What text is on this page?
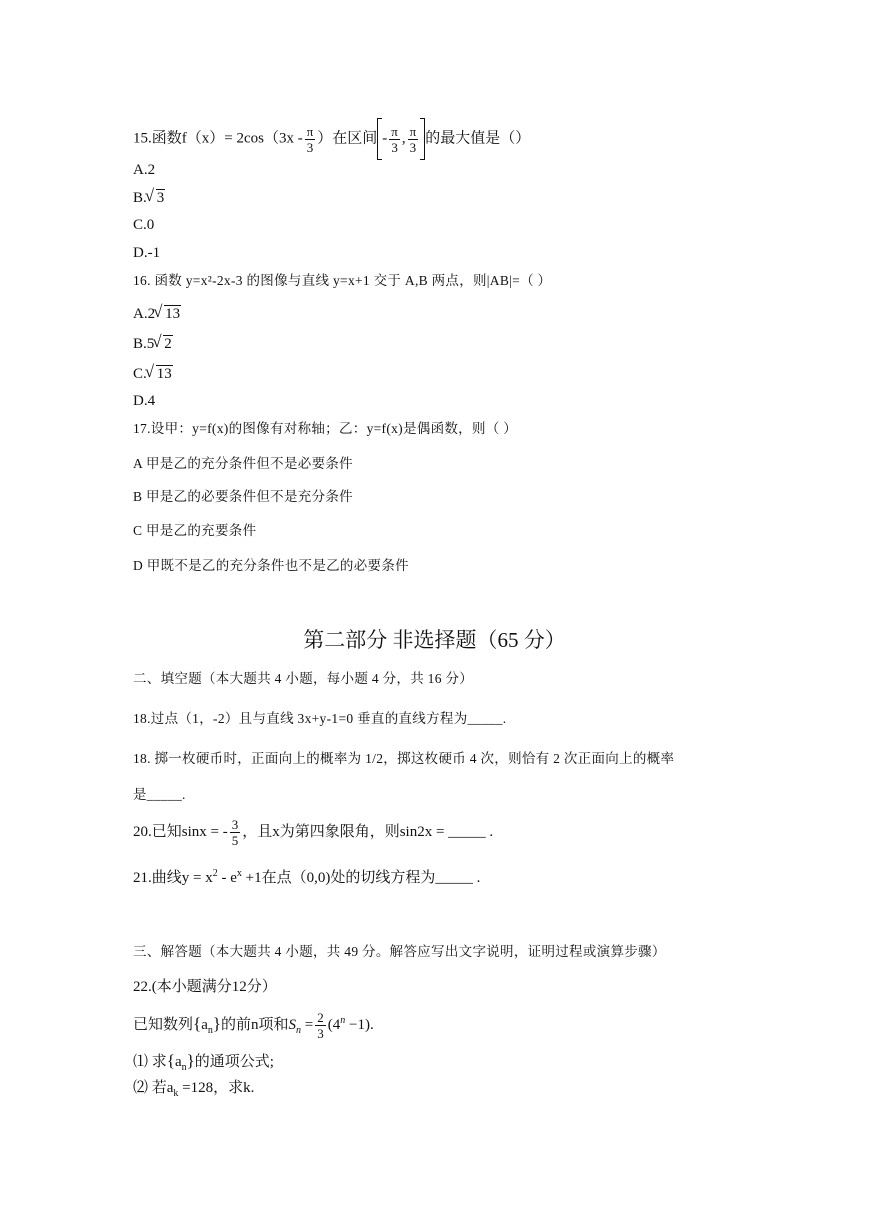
15.函数$f(x)= 2\cos(3x - \frac{\pi}{3}$ ）在区间 - $\frac{\pi}{3}$ , $\frac{\pi}{3}$ 的最大值是（）
A.2
B. √ 3
C.0
D.-1
16. 函数 y=x²-2x-3 的图像与直线 y=x+1 交于 A,B 两点，则|AB|=（ ）
A.2 √ 13
B.5 √ 2
C. √ 13
D.4
17.设甲：y=f(x)的图像有对称轴；乙：y=f(x)是偶函数，则（ ）
A 甲是乙的充分条件但不是必要条件
B 甲是乙的必要条件但不是充分条件
C 甲是乙的充要条件
D 甲既不是乙的充分条件也不是乙的必要条件
第二部分 非选择题（65 分）
二、填空题（本大题共 4 小题，每小题 4 分，共 16 分）
18.过点（1，-2）且与直线 3x+y-1=0 垂直的直线方程为_____.
18. 掷一枚硬币时，正面向上的概率为 1/2，掷这枚硬币 4 次，则恰有 2 次正面向上的概率
是_____.
20.已知sinx = - $\frac{3}{5}$ ，且x为第四象限角，则sin2x = _____ .
21.曲线$y = x^2 - e^x +1$在点（0,0)处的切线方程为_____ .
三、解答题（本大题共 4 小题，共 49 分。解答应写出文字说明，证明过程或演算步骤）
22.(本小题满分12分）
已知数列$\{a_n\}$的前n项和$S_n = \frac{2}{3} (4^n -1)$.
⑴ 求$\{a_n\}$的通项公式;
⑵ 若$a_k =128$，求k.
